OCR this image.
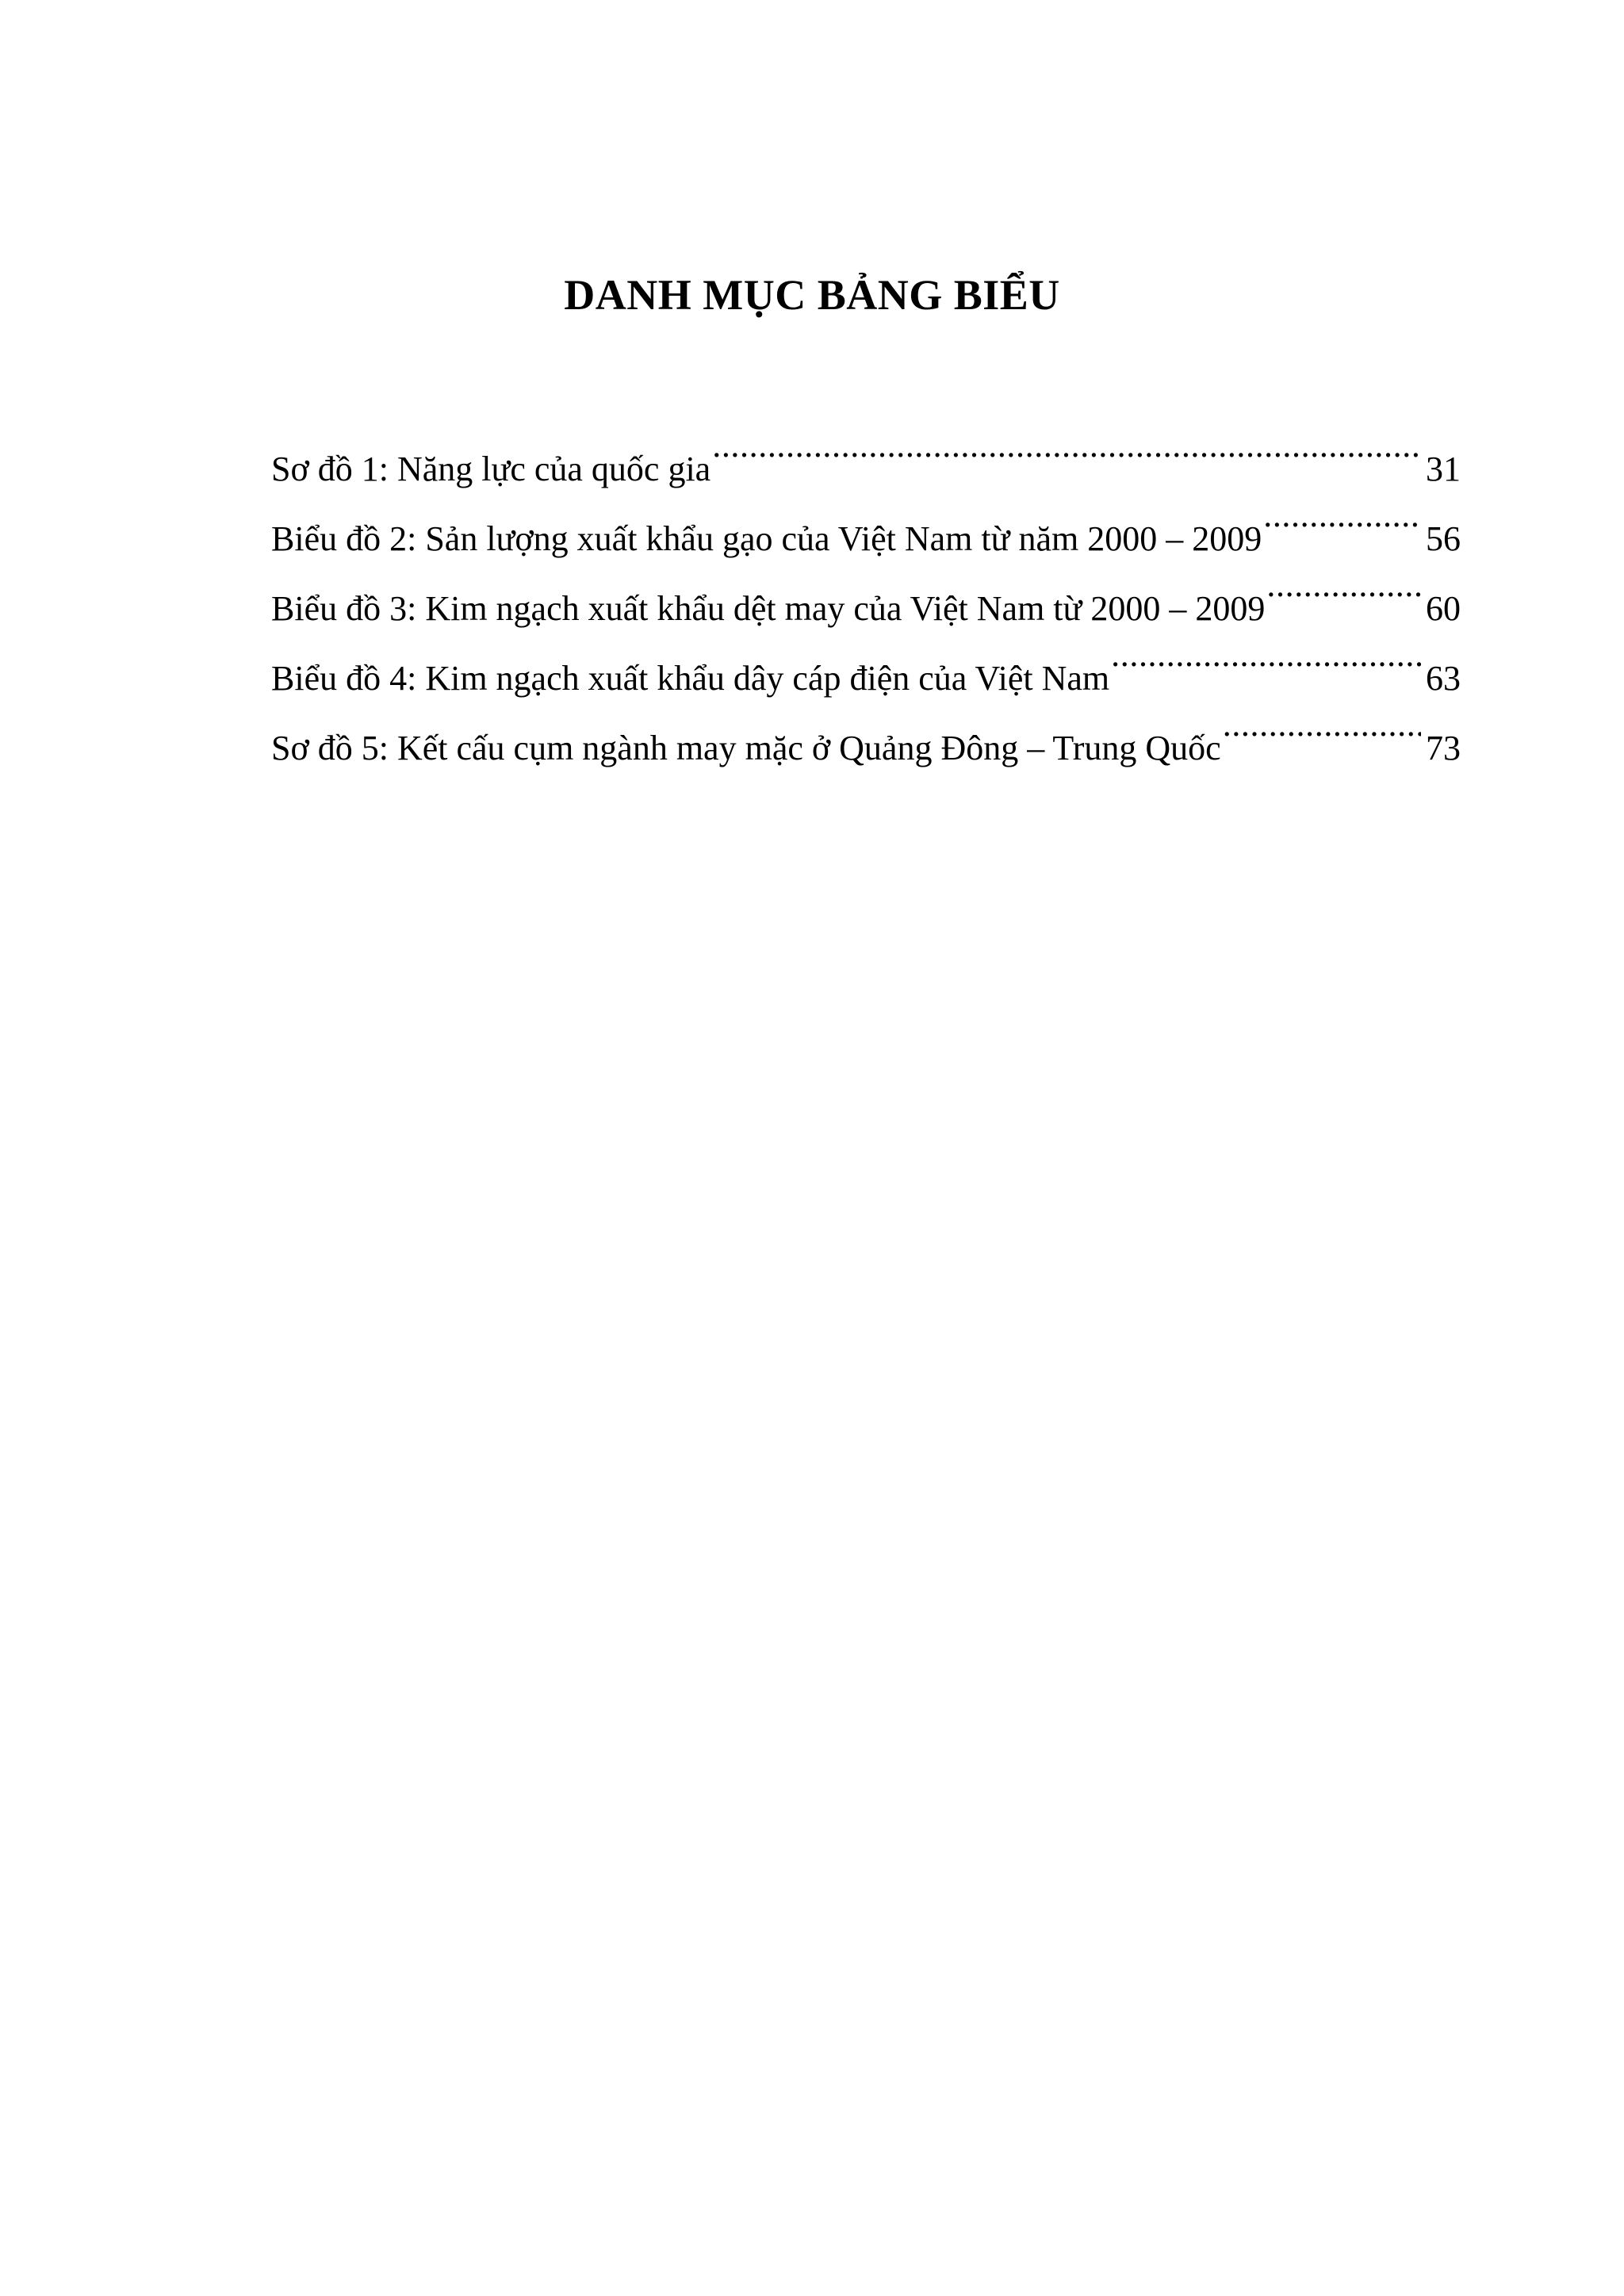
DANH MỤC BẢNG BIỂU
Sơ đồ 1: Năng lực của quốc gia . . .	31
Biểu đồ 2: Sản lượng xuất khẩu gạo của Việt Nam từ năm 2000 – 2009 . . .	56
Biểu đồ 3: Kim ngạch xuất khẩu dệt may của Việt Nam từ 2000 – 2009 . . .	60
Biểu đồ 4: Kim ngạch xuất khẩu dây cáp điện của Việt Nam . . .	63
Sơ đồ 5: Kết cấu cụm ngành may mặc ở Quảng Đông – Trung Quốc . . .	73
